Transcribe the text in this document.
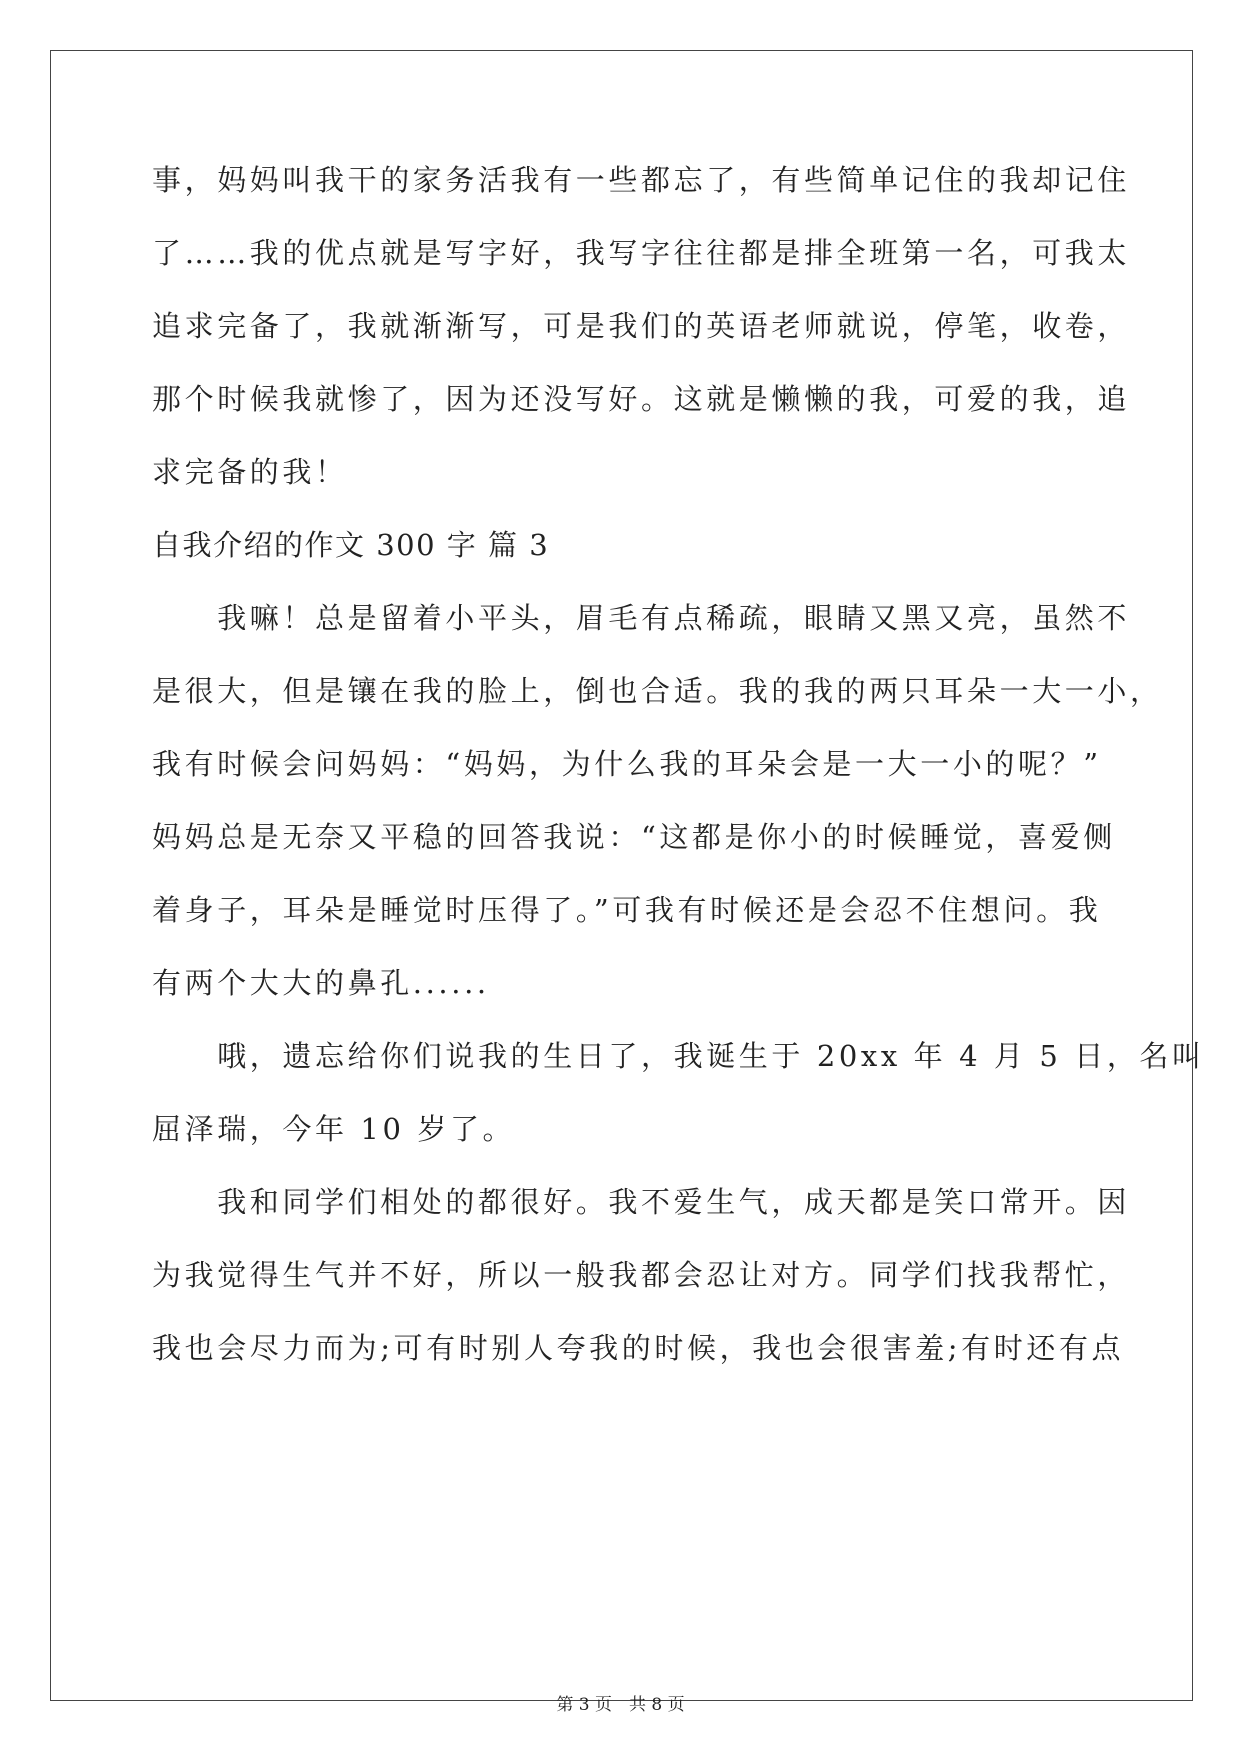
事，妈妈叫我干的家务活我有一些都忘了，有些简单记住的我却记住
了……我的优点就是写字好，我写字往往都是排全班第一名，可我太
追求完备了，我就渐渐写，可是我们的英语老师就说，停笔，收卷，
那个时候我就惨了，因为还没写好。这就是懒懒的我，可爱的我，追
求完备的我！
自我介绍的作文 300 字 篇 3
　　我嘛！总是留着小平头，眉毛有点稀疏，眼睛又黑又亮，虽然不
是很大，但是镶在我的脸上，倒也合适。我的我的两只耳朵一大一小，
我有时候会问妈妈：“妈妈，为什么我的耳朵会是一大一小的呢？”
妈妈总是无奈又平稳的回答我说：“这都是你小的时候睡觉，喜爱侧
着身子，耳朵是睡觉时压得了。”可我有时候还是会忍不住想问。我
有两个大大的鼻孔......
　　哦，遗忘给你们说我的生日了，我诞生于 20xx 年 4 月 5 日，名叫
屈泽瑞，今年 10 岁了。
　　我和同学们相处的都很好。我不爱生气，成天都是笑口常开。因
为我觉得生气并不好，所以一般我都会忍让对方。同学们找我帮忙，
我也会尽力而为;可有时别人夸我的时候，我也会很害羞;有时还有点
第 3 页　共 8 页
